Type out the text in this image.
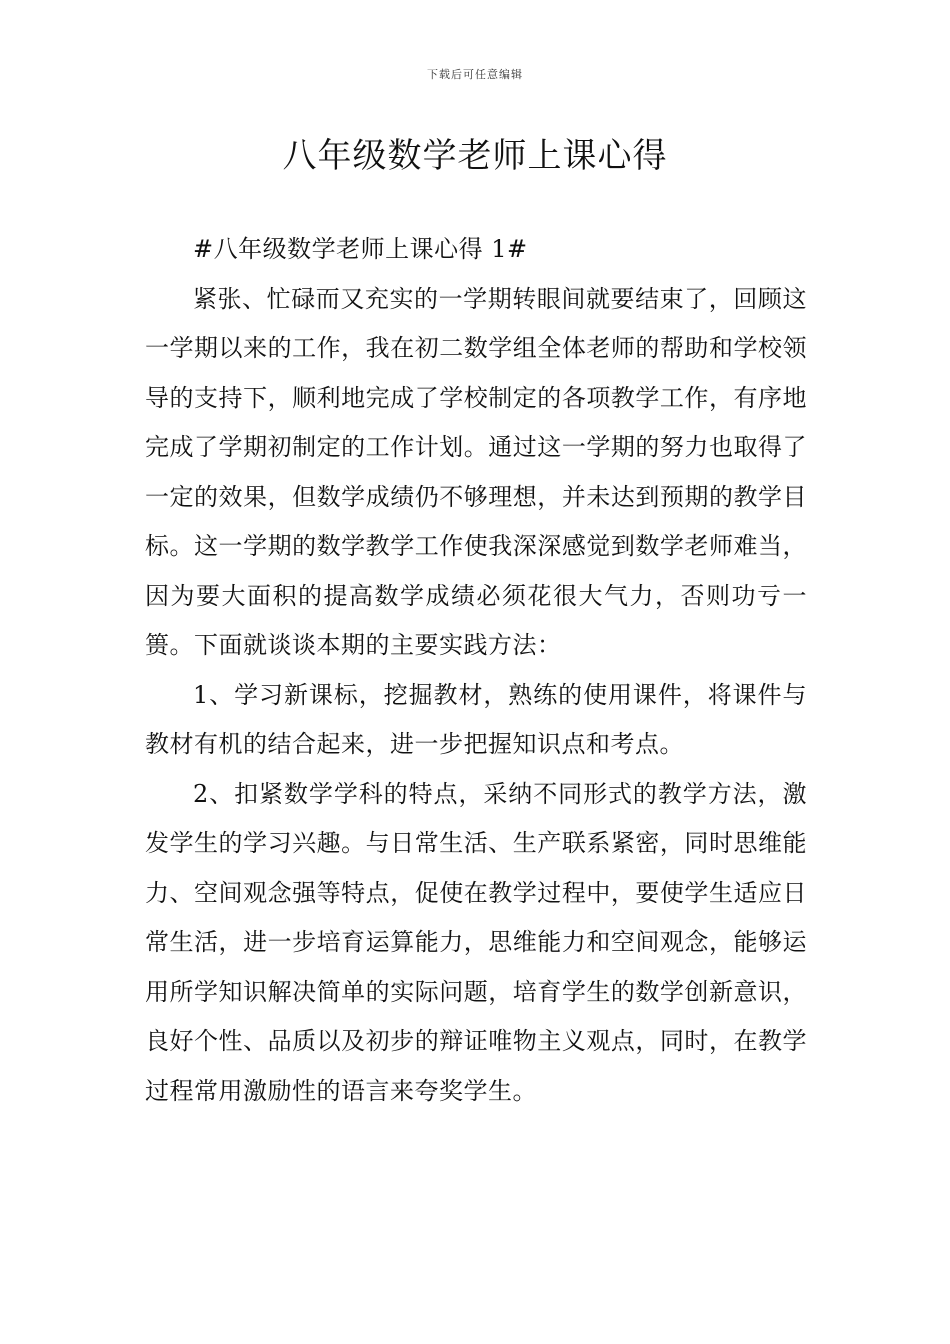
下载后可任意编辑
八年级数学老师上课心得

#八年级数学老师上课心得 1#

紧张、忙碌而又充实的一学期转眼间就要结束了，回顾这一学期以来的工作，我在初二数学组全体老师的帮助和学校领导的支持下，顺利地完成了学校制定的各项教学工作，有序地完成了学期初制定的工作计划。通过这一学期的努力也取得了一定的效果，但数学成绩仍不够理想，并未达到预期的教学目标。这一学期的数学教学工作使我深深感觉到数学老师难当，因为要大面积的提高数学成绩必须花很大气力，否则功亏一篑。下面就谈谈本期的主要实践方法：

1、学习新课标，挖掘教材，熟练的使用课件，将课件与教材有机的结合起来，进一步把握知识点和考点。

2、扣紧数学学科的特点，采纳不同形式的教学方法，激发学生的学习兴趣。与日常生活、生产联系紧密，同时思维能力、空间观念强等特点，促使在教学过程中，要使学生适应日常生活，进一步培育运算能力，思维能力和空间观念，能够运用所学知识解决简单的实际问题，培育学生的数学创新意识，良好个性、品质以及初步的辩证唯物主义观点，同时，在教学过程常用激励性的语言来夸奖学生。
